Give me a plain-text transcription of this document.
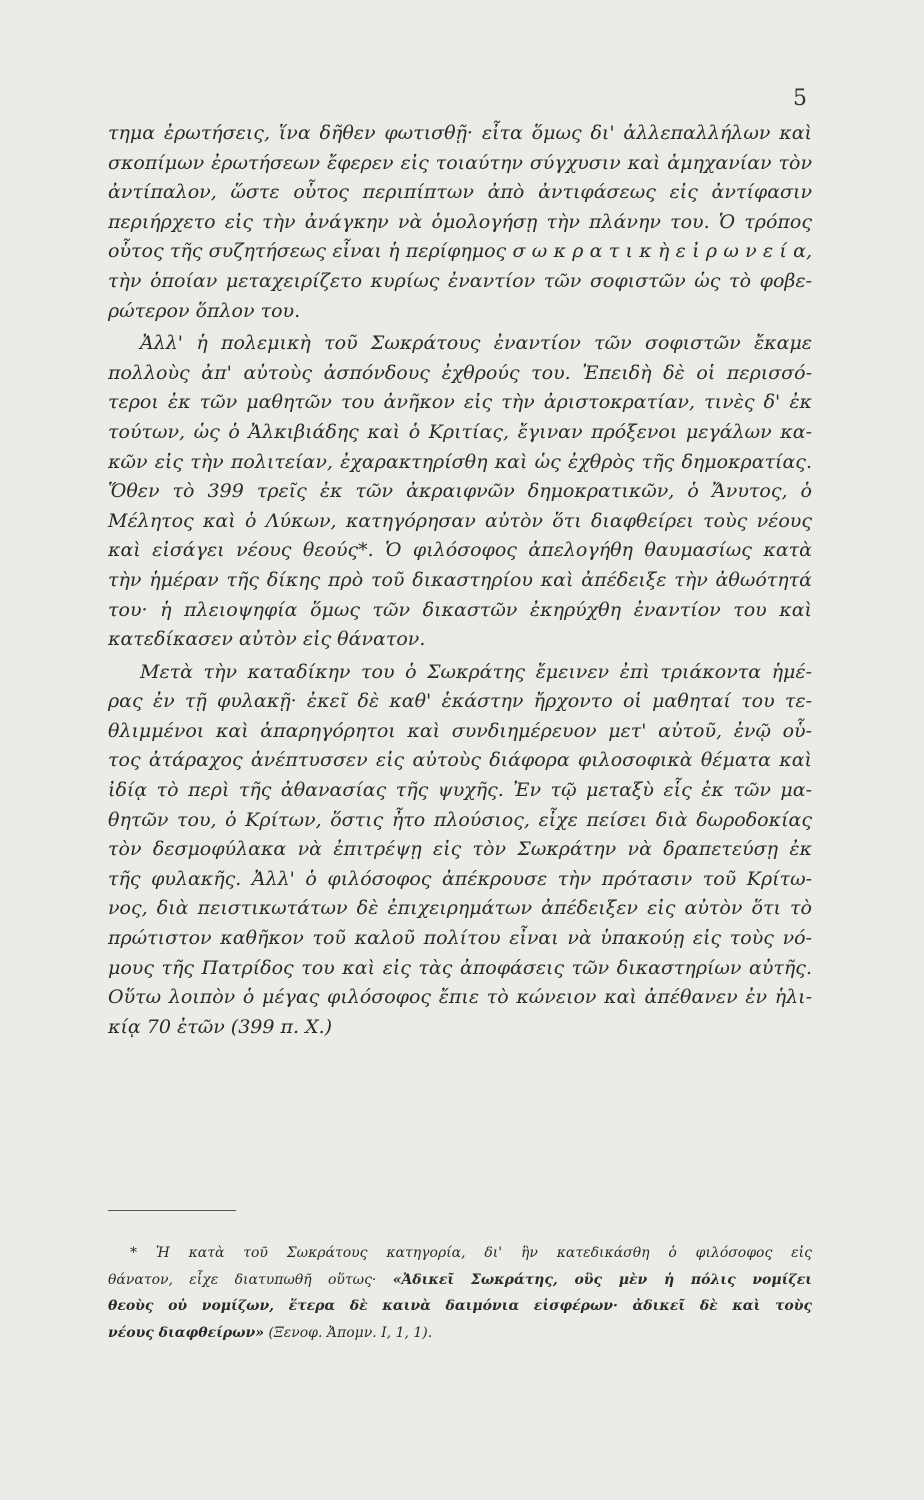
5
τημα ἐρωτήσεις, ἵνα δῆθεν φωτισθῇ· εἶτα ὅμως δι' ἀλλεπαλλήλων καὶ
σκοπίμων ἐρωτήσεων ἔφερεν εἰς τοιαύτην σύγχυσιν καὶ ἀμηχανίαν τὸν
ἀντίπαλον, ὥστε οὗτος περιπίπτων ἀπὸ ἀντιφάσεως εἰς ἀντίφασιν
περιήρχετο εἰς τὴν ἀνάγκην νὰ ὁμολογήσῃ τὴν πλάνην του. Ὁ τρόπος
οὗτος τῆς συζητήσεως εἶναι ἡ περίφημος σ ω κ ρ α τ ι κ ὴ ε ἰ ρ ω ν ε ί α,
τὴν ὁποίαν μεταχειρίζετο κυρίως ἐναντίον τῶν σοφιστῶν ὡς τὸ φοβε-
ρώτερον ὅπλον του.
Ἀλλ' ἡ πολεμικὴ τοῦ Σωκράτους ἐναντίον τῶν σοφιστῶν ἔκαμε
πολλοὺς ἀπ' αὐτοὺς ἀσπόνδους ἐχθρούς του. Ἐπειδὴ δὲ οἱ περισσό-
τεροι ἐκ τῶν μαθητῶν του ἀνῆκον εἰς τὴν ἀριστοκρατίαν, τινὲς δ' ἐκ
τούτων, ὡς ὁ Ἀλκιβιάδης καὶ ὁ Κριτίας, ἔγιναν πρόξενοι μεγάλων κα-
κῶν εἰς τὴν πολιτείαν, ἐχαρακτηρίσθη καὶ ὡς ἐχθρὸς τῆς δημοκρατίας.
Ὅθεν τὸ 399 τρεῖς ἐκ τῶν ἀκραιφνῶν δημοκρατικῶν, ὁ Ἄνυτος, ὁ
Μέλητος καὶ ὁ Λύκων, κατηγόρησαν αὐτὸν ὅτι διαφθείρει τοὺς νέους
καὶ εἰσάγει νέους θεούς*. Ὁ φιλόσοφος ἀπελογήθη θαυμασίως κατὰ
τὴν ἡμέραν τῆς δίκης πρὸ τοῦ δικαστηρίου καὶ ἀπέδειξε τὴν ἀθωότητά
του· ἡ πλειοψηφία ὅμως τῶν δικαστῶν ἐκηρύχθη ἐναντίον του καὶ
κατεδίκασεν αὐτὸν εἰς θάνατον.
Μετὰ τὴν καταδίκην του ὁ Σωκράτης ἔμεινεν ἐπὶ τριάκοντα ἡμέ-
ρας ἐν τῇ φυλακῇ· ἐκεῖ δὲ καθ' ἑκάστην ἤρχοντο οἱ μαθηταί του τε-
θλιμμένοι καὶ ἀπαρηγόρητοι καὶ συνδιημέρευον μετ' αὐτοῦ, ἐνῷ οὗ-
τος ἀτάραχος ἀνέπτυσσεν εἰς αὐτοὺς διάφορα φιλοσοφικὰ θέματα καὶ
ἰδίᾳ τὸ περὶ τῆς ἀθανασίας τῆς ψυχῆς. Ἐν τῷ μεταξὺ εἷς ἐκ τῶν μα-
θητῶν του, ὁ Κρίτων, ὅστις ἦτο πλούσιος, εἶχε πείσει διὰ δωροδοκίας
τὸν δεσμοφύλακα νὰ ἐπιτρέψῃ εἰς τὸν Σωκράτην νὰ δραπετεύσῃ ἐκ
τῆς φυλακῆς. Ἀλλ' ὁ φιλόσοφος ἀπέκρουσε τὴν πρότασιν τοῦ Κρίτω-
νος, διὰ πειστικωτάτων δὲ ἐπιχειρημάτων ἀπέδειξεν εἰς αὐτὸν ὅτι τὸ
πρώτιστον καθῆκον τοῦ καλοῦ πολίτου εἶναι νὰ ὑπακούῃ εἰς τοὺς νό-
μους τῆς Πατρίδος του καὶ εἰς τὰς ἀποφάσεις τῶν δικαστηρίων αὐτῆς.
Οὕτω λοιπὸν ὁ μέγας φιλόσοφος ἔπιε τὸ κώνειον καὶ ἀπέθανεν ἐν ἡλι-
κίᾳ 70 ἐτῶν (399 π. Χ.)
* Ἡ κατὰ τοῦ Σωκράτους κατηγορία, δι' ἣν κατεδικάσθη ὁ φιλόσοφος εἰς
θάνατον, εἶχε διατυπωθῆ οὕτως· «Ἀδικεῖ Σωκράτης, οὓς μὲν ἡ πόλις νομίζει
θεοὺς οὐ νομίζων, ἕτερα δὲ καινὰ δαιμόνια εἰσφέρων· ἀδικεῖ δὲ καὶ τοὺς
νέους διαφθείρων» (Ξενοφ. Ἀπομν. Ι, 1, 1).
